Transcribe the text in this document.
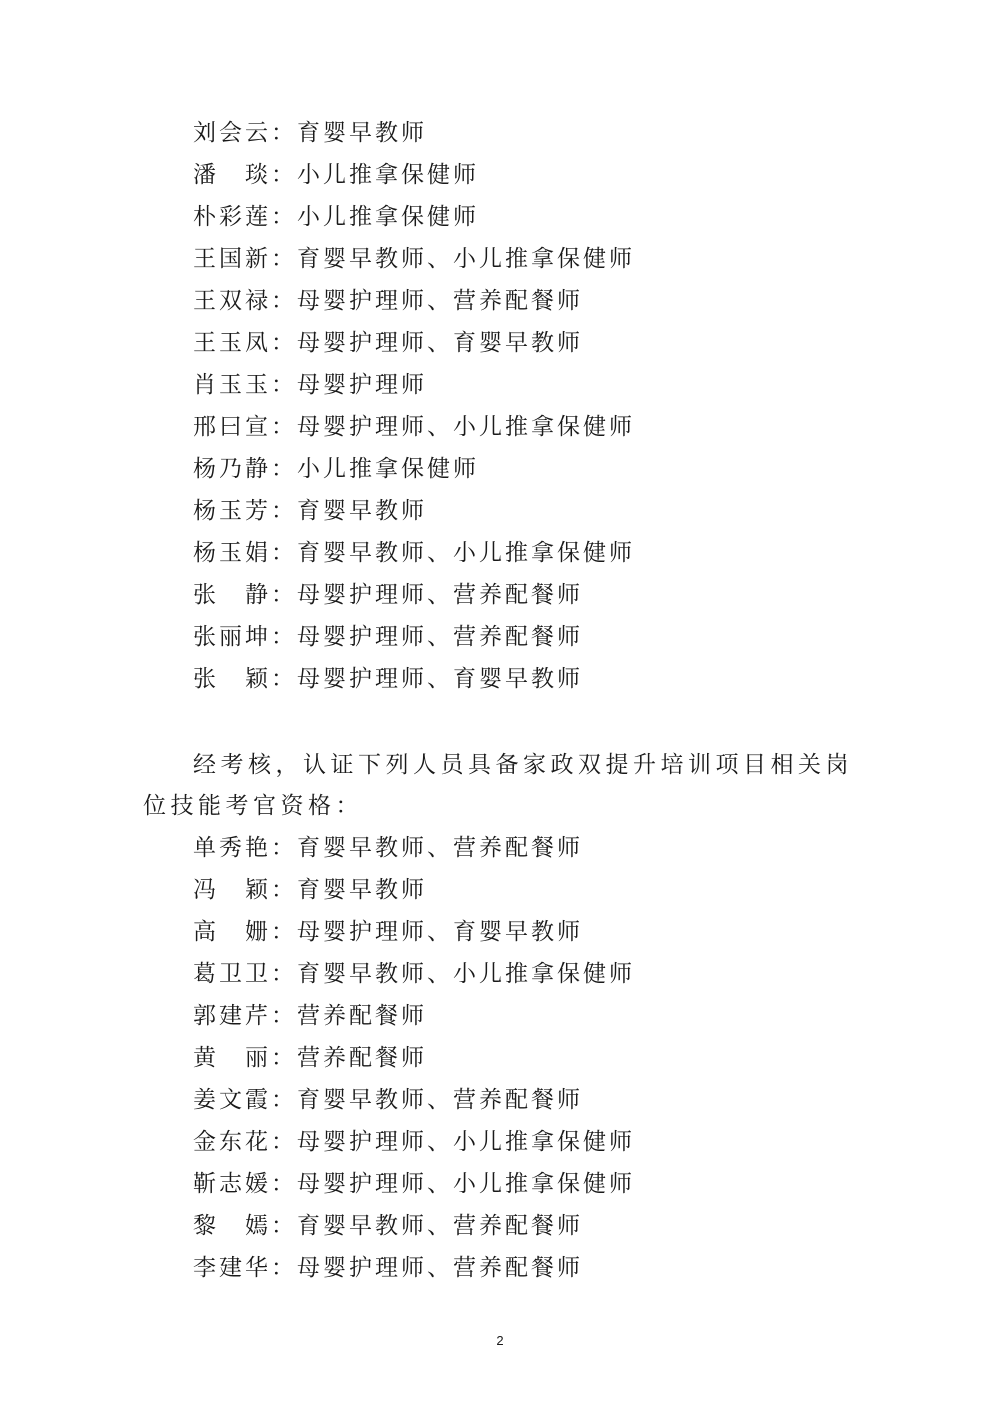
刘会云：育婴早教师
潘　琰：小儿推拿保健师
朴彩莲：小儿推拿保健师
王国新：育婴早教师、小儿推拿保健师
王双禄：母婴护理师、营养配餐师
王玉凤：母婴护理师、育婴早教师
肖玉玉：母婴护理师
邢曰宣：母婴护理师、小儿推拿保健师
杨乃静：小儿推拿保健师
杨玉芳：育婴早教师
杨玉娟：育婴早教师、小儿推拿保健师
张　静：母婴护理师、营养配餐师
张丽坤：母婴护理师、营养配餐师
张　颖：母婴护理师、育婴早教师

经考核，认证下列人员具备家政双提升培训项目相关岗位技能考官资格：

单秀艳：育婴早教师、营养配餐师
冯　颖：育婴早教师
高　姗：母婴护理师、育婴早教师
葛卫卫：育婴早教师、小儿推拿保健师
郭建芹：营养配餐师
黄　丽：营养配餐师
姜文霞：育婴早教师、营养配餐师
金东花：母婴护理师、小儿推拿保健师
靳志媛：母婴护理师、小儿推拿保健师
黎　嫣：育婴早教师、营养配餐师
李建华：母婴护理师、营养配餐师
2
